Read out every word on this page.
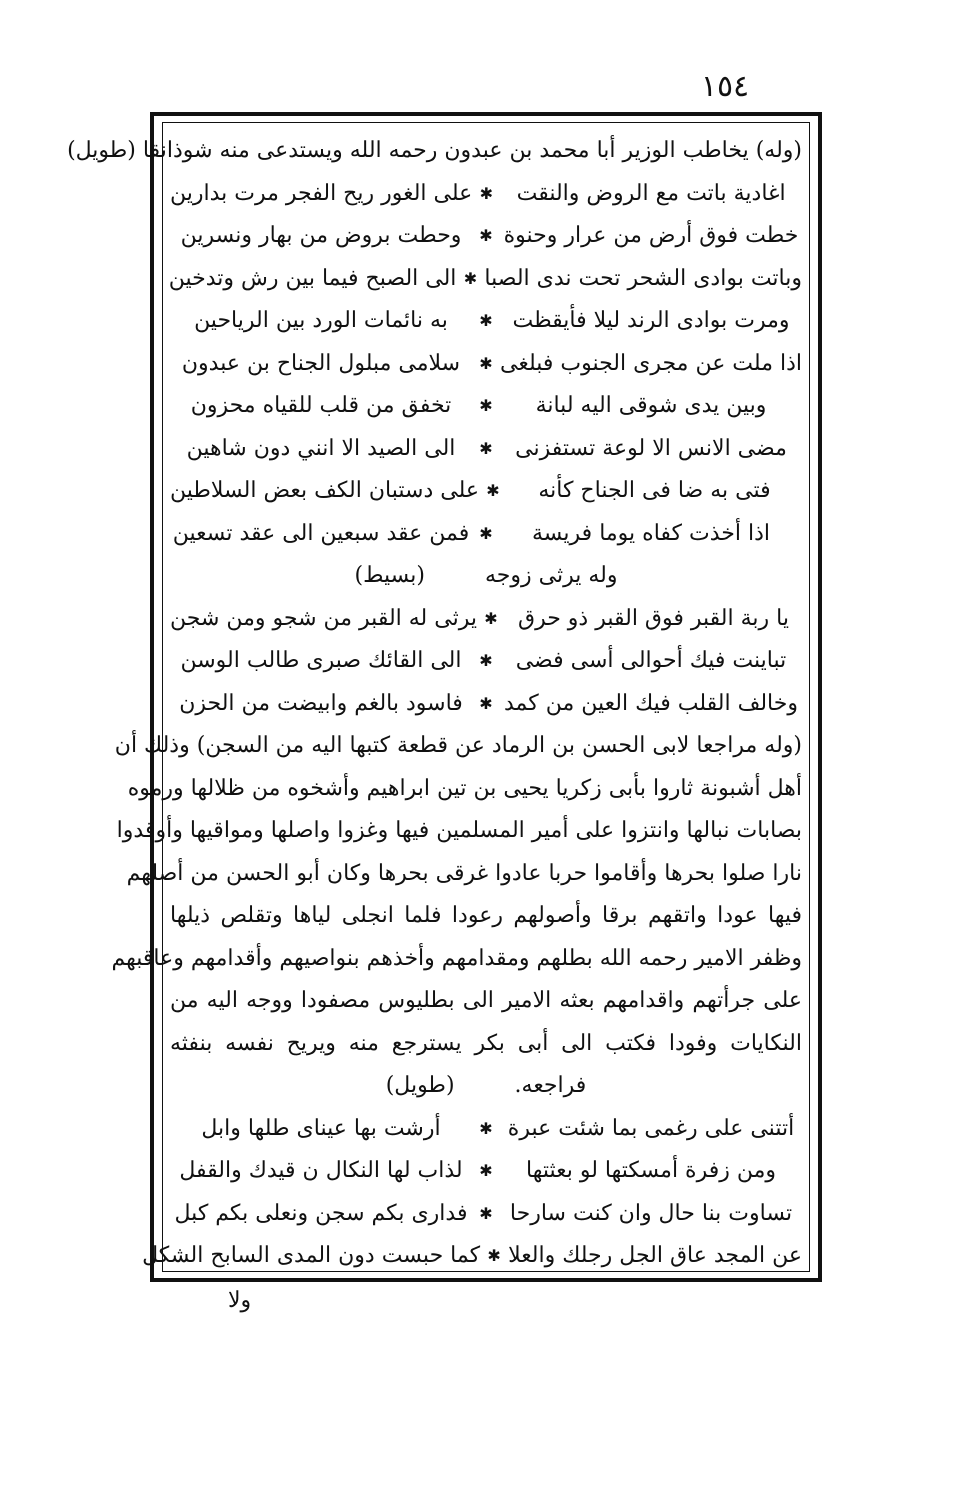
١٥٤
(وله) يخاطب الوزير أبا محمد بن عبدون رحمه الله ويستدعى منه شوذانقا (طويل)
اغادية باتت مع الروض والنقت
✱
على الغور ريح الفجر مرت بدارين
خطت فوق أرض من عرار وحنوة
✱
وحطت بروض من بهار ونسرين
وباتت بوادى الشحر تحت ندى الصبا
✱
الى الصبح فيما بين رش وتدخين
ومرت بوادى الرند ليلا فأيقظت
✱
به نائمات الورد بين الرياحين
اذا ملت عن مجرى الجنوب فبلغى
✱
سلامى مبلول الجناح بن عبدون
وبين يدى شوقى اليه لبانة
✱
تخفق من قلب للقياه محزون
مضى الانس الا لوعة تستفزنى
✱
الى الصيد الا انني دون شاهين
فتى به ضا فى الجناح كأنه
✱
على دستبان الكف بعض السلاطين
اذا أخذت كفاه يوما فريسة
✱
فمن عقد سبعين الى عقد تسعين
وله يرثى زوجه
(بسيط)
يا ربة القبر فوق القبر ذو حرق
✱
يرثى له القبر من شجو ومن شجن
تباينت فيك أحوالى أسى فضى
✱
الى القائك صبرى طالب الوسن
وخالف القلب فيك العين من كمد
✱
فاسود بالغم وابيضت من الحزن
(وله مراجعا لابى الحسن بن الرماد عن قطعة كتبها اليه من السجن) وذلك أن
أهل أشبونة ثاروا بأبى زكريا يحيى بن تين ابراهيم وأشخوه من ظلالها ورموه
بصابات نبالها وانتزوا على أمير المسلمين فيها وغزوا واصلها ومواقيها وأوقدوا
نارا صلوا بحرها وأقاموا حربا عادوا غرقى بحرها وكان أبو الحسن من أصلهم
فيها عودا واتقهم برقا وأصولهم رعودا فلما انجلى لياها وتقلص ذيلها
وظفر الامير رحمه الله بطلهم ومقدامهم وأخذهم بنواصيهم وأقدامهم وعاقبهم
على جرأتهم واقدامهم بعثه الامير الى بطليوس مصفودا ووجه اليه من
النكايات وفودا فكتب الى أبى بكر يسترجع منه ويريح نفسه بنفثه
فراجعه.
(طويل)
أتتنى على رغمى بما شئت عبرة
✱
أرشت بها عيناى طلها وابل
ومن زفرة أمسكتها لو بعثتها
✱
لذاب لها النكال ن قيدك والقفل
تساوت بنا حال وان كنت سارحا
✱
فدارى بكم سجن ونعلى بكم كبل
عن المجد عاق الجل رجلك والعلا
✱
كما حبست دون المدى السابح الشكل
ولا
